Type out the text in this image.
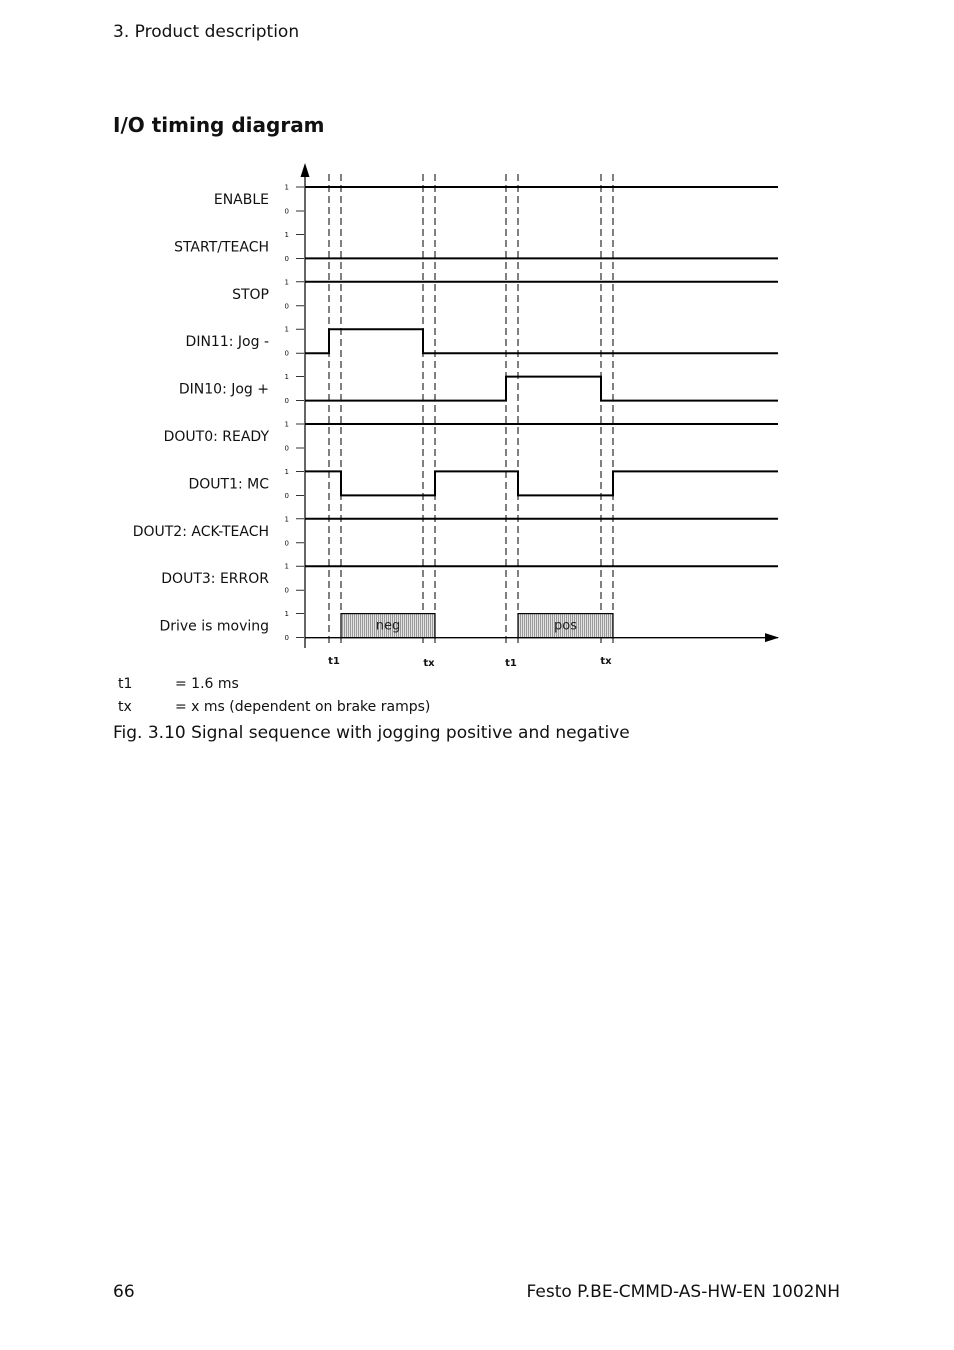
3. Product description
I/O timing diagram
ENABLE
START/TEACH
STOP
DIN11: Jog -
DIN10: Jog +
DOUT0: READY
DOUT1: MC
DOUT2: ACK-TEACH
DOUT3: ERROR
Drive is moving
1
0
1
0
1
0
1
0
1
0
1
0
1
0
1
0
1
0
1
0
neg	pos
t1	tx	t1	tx
t1	= 1.6 ms
tx	= x ms (dependent on brake ramps)
Fig. 3.10 Signal sequence with jogging positive and negative
66	Festo P.BE-CMMD-AS-HW-EN 1002NH
